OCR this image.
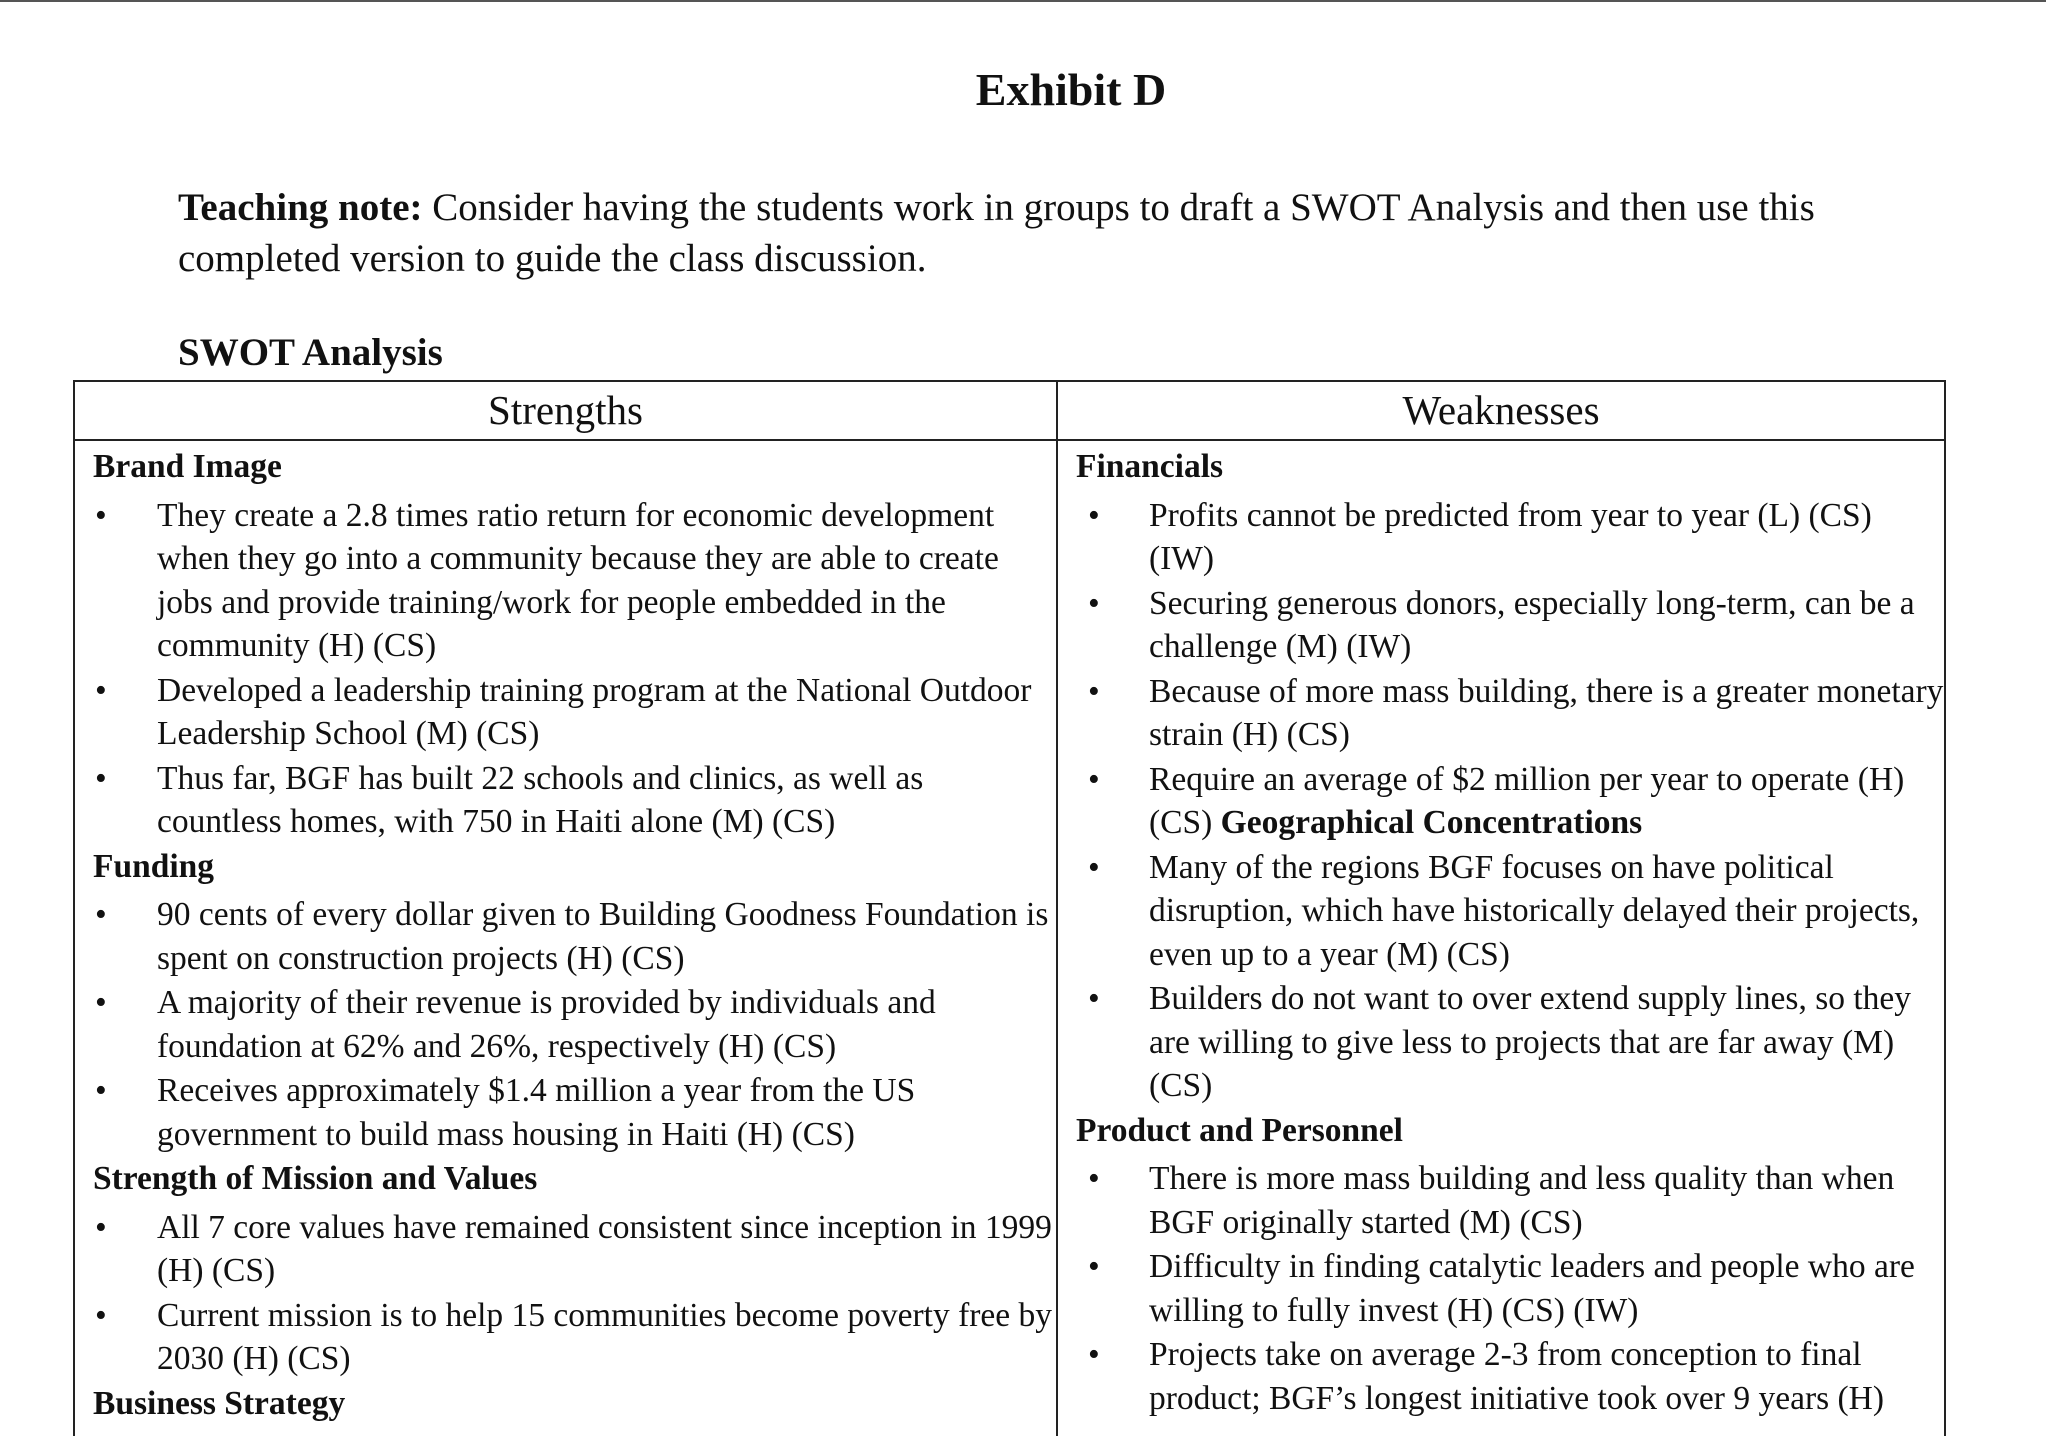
Exhibit D
Teaching note: Consider having the students work in groups to draft a SWOT Analysis and then use this completed version to guide the class discussion.
SWOT Analysis
Strengths
Brand Image
• They create a 2.8 times ratio return for economic development when they go into a community because they are able to create jobs and provide training/work for people embedded in the community (H) (CS)
• Developed a leadership training program at the National Outdoor Leadership School (M) (CS)
• Thus far, BGF has built 22 schools and clinics, as well as countless homes, with 750 in Haiti alone (M) (CS)
Funding
• 90 cents of every dollar given to Building Goodness Foundation is spent on construction projects (H) (CS)
• A majority of their revenue is provided by individuals and foundation at 62% and 26%, respectively (H) (CS)
• Receives approximately $1.4 million a year from the US government to build mass housing in Haiti (H) (CS)
Strength of Mission and Values
• All 7 core values have remained consistent since inception in 1999 (H) (CS)
• Current mission is to help 15 communities become poverty free by 2030 (H) (CS)
Business Strategy
Weaknesses
Financials
• Profits cannot be predicted from year to year (L) (CS) (IW)
• Securing generous donors, especially long-term, can be a challenge (M) (IW)
• Because of more mass building, there is a greater monetary strain (H) (CS)
• Require an average of $2 million per year to operate (H) (CS) Geographical Concentrations
• Many of the regions BGF focuses on have political disruption, which have historically delayed their projects, even up to a year (M) (CS)
• Builders do not want to over extend supply lines, so they are willing to give less to projects that are far away (M) (CS)
Product and Personnel
• There is more mass building and less quality than when BGF originally started (M) (CS)
• Difficulty in finding catalytic leaders and people who are willing to fully invest (H) (CS) (IW)
• Projects take on average 2-3 from conception to final product; BGF’s longest initiative took over 9 years (H)
